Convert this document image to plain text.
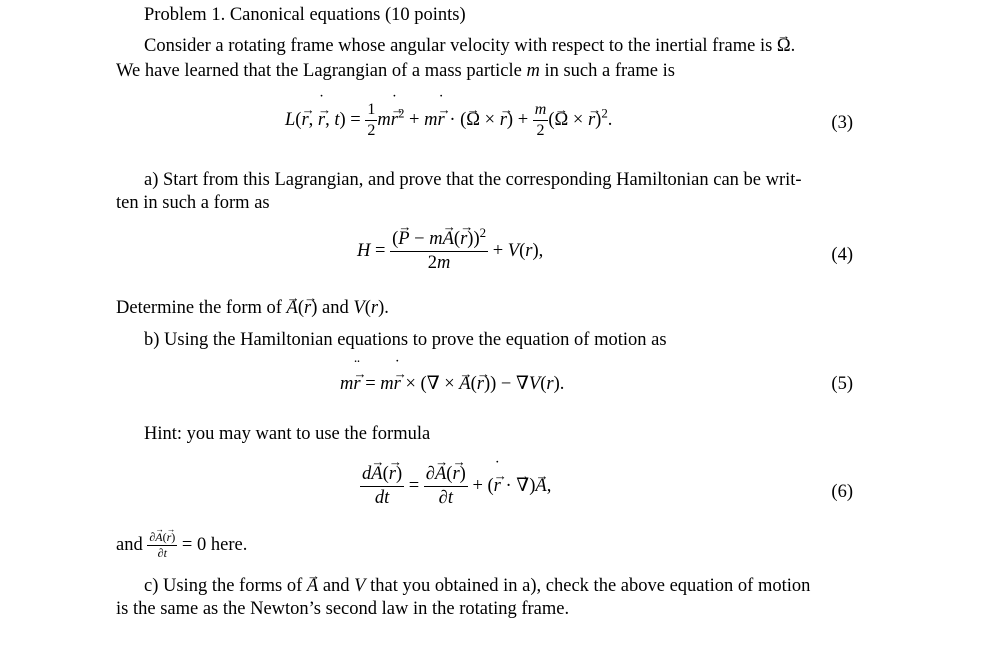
Problem 1. Canonical equations (10 points)
Consider a rotating frame whose angular velocity with respect to the inertial frame is → Ω.
We have learned that the Lagrangian of a mass particle m in such a frame is
L(→ r, → r ˙, $t) = \frac{1}{2} m\to r$ ˙$^2$ + m→ r ˙ · (→ Ω × → $r) + \frac{m}{2}$ (→ Ω × → r)$^2$.	(3)
a) Start from this Lagrangian, and prove that the corresponding Hamiltonian can be writ-
ten in such a form as
$H = \frac{(\to P - m\to A(\to r))^2}{2m} + V(r)$,	(4)
Determine the form of → A(→ r) and V(r).
b) Using the Hamiltonian equations to prove the equation of motion as
m→ r ¨ = m→ r ˙ × (∇ × → A(→ r)) − ∇V(r).	(5)
Hint: you may want to use the formula
$\frac{d\to A(\to r)}{dt} = \frac{\partial\to A(\to r)}{\partial t}$ + (→ r ˙ · → ∇)→ A,	(6)
and $\frac{\partial\to A(\to r)}{\partial t} = 0$ here.
c) Using the forms of → A and V that you obtained in a), check the above equation of motion
is the same as the Newton’s second law in the rotating frame.
